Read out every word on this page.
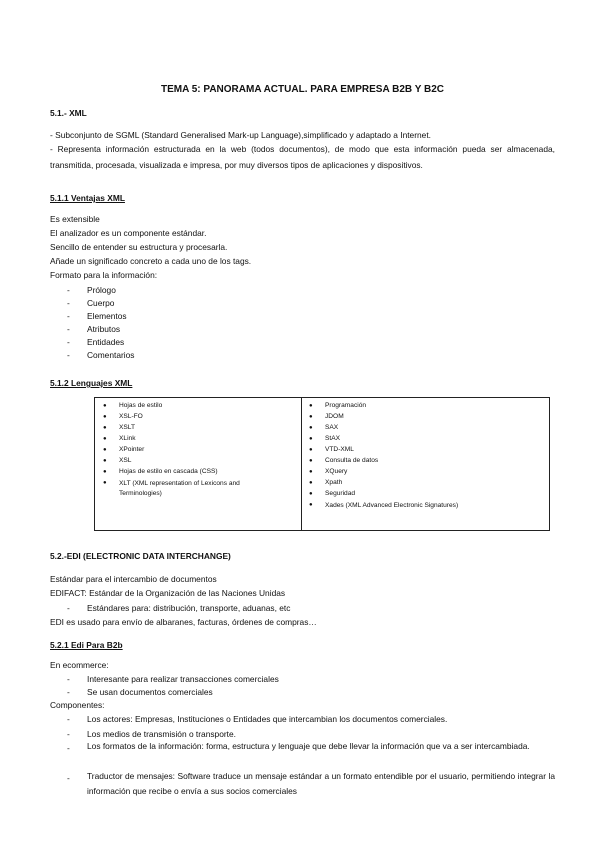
TEMA 5: PANORAMA ACTUAL. PARA EMPRESA B2B Y B2C
5.1.- XML
- Subconjunto de SGML (Standard Generalised Mark-up Language),simplificado y adaptado a Internet.
- Representa información estructurada en la web (todos documentos), de modo que esta información pueda ser almacenada, transmitida, procesada, visualizada e impresa, por muy diversos tipos de aplicaciones y dispositivos.
5.1.1 Ventajas XML
Es extensible
El analizador es un componente estándar.
Sencillo de entender su estructura y procesarla.
Añade un significado concreto a cada uno de los tags.
Formato para la información:
- Prólogo
- Cuerpo
- Elementos
- Atributos
- Entidades
- Comentarios
5.1.2 Lenguajes XML
● Hojas de estilo
● XSL-FO
● XSLT
● XLink
● XPointer
● XSL
● Hojas de estilo en cascada (CSS)
● XLT (XML representation of Lexicons and Terminologies)
● Programación
● JDOM
● SAX
● StAX
● VTD-XML
● Consulta de datos
● XQuery
● Xpath
● Seguridad
● Xades (XML Advanced Electronic Signatures)
5.2.-EDI (ELECTRONIC DATA INTERCHANGE)
Estándar para el intercambio de documentos
EDIFACT: Estándar de la Organización de las Naciones Unidas
- Estándares para: distribución, transporte, aduanas, etc
EDI es usado para envío de albaranes, facturas, órdenes de compras…
5.2.1 Edi Para B2b
En ecommerce:
- Interesante para realizar transacciones comerciales
- Se usan documentos comerciales
Componentes:
- Los actores: Empresas, Instituciones o Entidades que intercambian los documentos comerciales.
- Los medios de transmisión o transporte.
- Los formatos de la información: forma, estructura y lenguaje que debe llevar la información que va a ser intercambiada.
- Traductor de mensajes: Software traduce un mensaje estándar a un formato entendible por el usuario, permitiendo integrar la información que recibe o envía a sus socios comerciales
